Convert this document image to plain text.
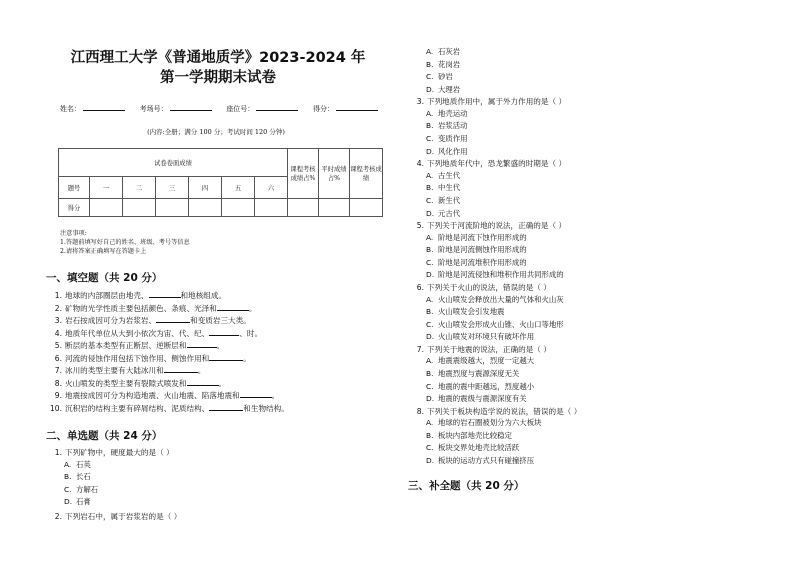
江西理工大学《普通地质学》2023-2024 年
第一学期期末试卷
姓名：	考场号：	座位号：	得分：
(内容:全册；满分 100 分；考试时间 120 分钟)
试卷卷面成绩							课程考核成绩占%	平时成绩占%	课程考核成绩
题号	一	二	三	四	五	六			
得分									
注意事项:
1.答题前填写好自己的姓名、班级、考号等信息
2.请将答案正确填写在答题卡上
一、填空题（共 20 分）
1. 地球的内部圈层由地壳、	和地核组成。
2. 矿物的光学性质主要包括颜色、条痕、光泽和	。
3. 岩石按成因可分为岩浆岩、	和变质岩三大类。
4. 地质年代单位从大到小依次为宙、代、纪、	、时。
5. 断层的基本类型有正断层、逆断层和	。
6. 河流的侵蚀作用包括下蚀作用、侧蚀作用和	。
7. 冰川的类型主要有大陆冰川和	。
8. 火山喷发的类型主要有裂隙式喷发和	。
9. 地震按成因可分为构造地震、火山地震、陷落地震和	。
10. 沉积岩的结构主要有碎屑结构、泥质结构、	和生物结构。
二、单选题（共 24 分）
1. 下列矿物中，硬度最大的是（ ）
A. 石英
B. 长石
C. 方解石
D. 石膏
2. 下列岩石中，属于岩浆岩的是（ ）
A. 石灰岩
B. 花岗岩
C. 砂岩
D. 大理岩
3. 下列地质作用中，属于外力作用的是（ ）
A. 地壳运动
B. 岩浆活动
C. 变质作用
D. 风化作用
4. 下列地质年代中，恐龙繁盛的时期是（ ）
A. 古生代
B. 中生代
C. 新生代
D. 元古代
5. 下列关于河流阶地的说法，正确的是（ ）
A. 阶地是河流下蚀作用形成的
B. 阶地是河流侧蚀作用形成的
C. 阶地是河流堆积作用形成的
D. 阶地是河流侵蚀和堆积作用共同形成的
6. 下列关于火山的说法，错误的是（ ）
A. 火山喷发会释放出大量的气体和火山灰
B. 火山喷发会引发地震
C. 火山喷发会形成火山锥、火山口等地形
D. 火山喷发对环境只有破坏作用
7. 下列关于地震的说法，正确的是（ ）
A. 地震震级越大，烈度一定越大
B. 地震烈度与震源深度无关
C. 地震的震中距越远，烈度越小
D. 地震的震级与震源深度有关
8. 下列关于板块构造学说的说法，错误的是（ ）
A. 地球的岩石圈被划分为六大板块
B. 板块内部地壳比较稳定
C. 板块交界处地壳比较活跃
D. 板块的运动方式只有碰撞挤压
三、补全题（共 20 分）
